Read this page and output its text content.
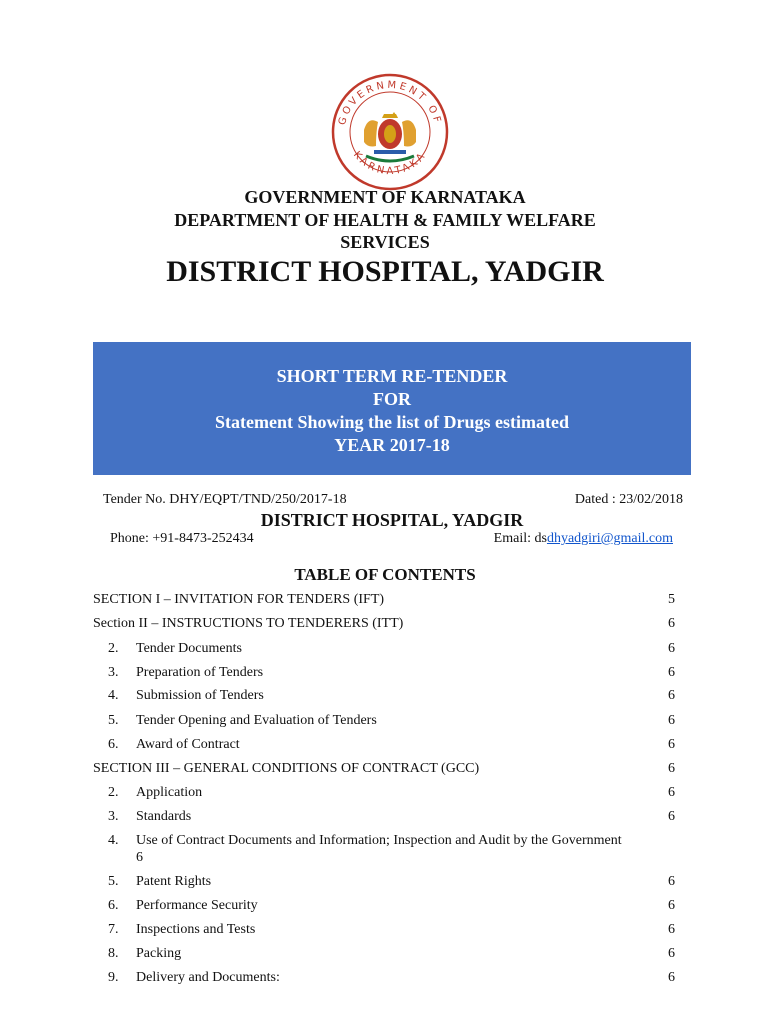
GOVERNMENT OF
KARNATAKA
GOVERNMENT OF KARNATAKA
DEPARTMENT OF HEALTH & FAMILY WELFARE
SERVICES
DISTRICT HOSPITAL, YADGIR
SHORT TERM RE-TENDER
FOR
Statement Showing the list of Drugs estimated
YEAR 2017-18
Tender No. DHY/EQPT/TND/250/2017-18	Dated : 23/02/2018
DISTRICT HOSPITAL, YADGIR
Phone: +91-8473-252434	Email: dsdhyadgiri@gmail.com
TABLE OF CONTENTS
SECTION I – INVITATION FOR TENDERS (IFT)	5
Section II – INSTRUCTIONS TO TENDERERS (ITT)	6
2. Tender Documents	6
3. Preparation of Tenders	6
4. Submission of Tenders	6
5. Tender Opening and Evaluation of Tenders	6
6. Award of Contract	6
SECTION III – GENERAL CONDITIONS OF CONTRACT (GCC)	6
2. Application	6
3. Standards	6
4. Use of Contract Documents and Information; Inspection and Audit by the Government
6
5. Patent Rights	6
6. Performance Security	6
7. Inspections and Tests	6
8. Packing	6
9. Delivery and Documents:	6
